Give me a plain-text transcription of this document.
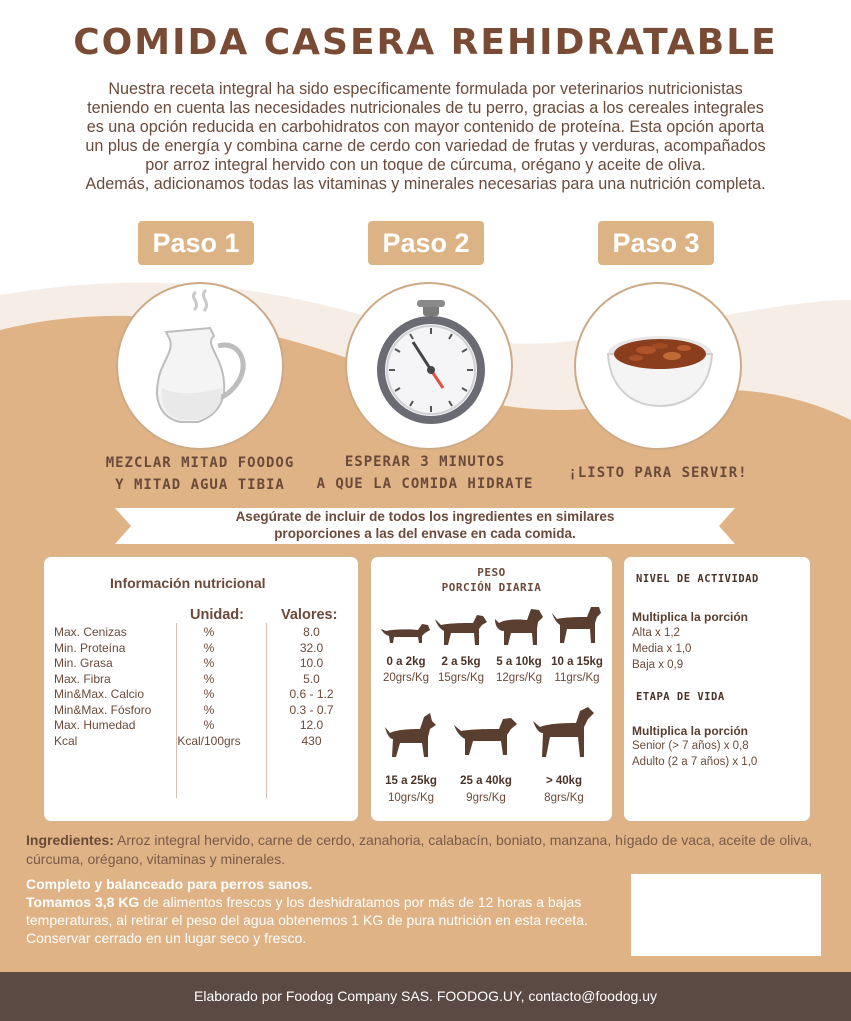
COMIDA CASERA REHIDRATABLE

Nuestra receta integral ha sido específicamente formulada por veterinarios nutricionistas

teniendo en cuenta las necesidades nutricionales de tu perro, gracias a los cereales integrales

es una opción reducida en carbohidratos con mayor contenido de proteína. Esta opción aporta

un plus de energía y combina carne de cerdo con variedad de frutas y verduras, acompañados

por arroz integral hervido con un toque de cúrcuma, orégano y aceite de oliva.

Además, adicionamos todas las vitaminas y minerales necesarias para una nutrición completa.

Paso 1	Paso 2	Paso 3
MEZCLAR MITAD FOODOG
Y MITAD AGUA TIBIA
ESPERAR 3 MINUTOS
A QUE LA COMIDA HIDRATE
¡LISTO PARA SERVIR!
Asegúrate de incluir de todos los ingredientes en similares
proporciones a las del envase en cada comida.
Información nutricional
Unidad:	Valores:
Max. Cenizas	%	8.0
Min. Proteína	%	32.0
Min. Grasa	%	10.0
Max. Fibra	%	5.0
Min&Max. Calcio	%	0.6 - 1.2
Min&Max. Fósforo	%	0.3 - 0.7
Max. Humedad	%	12.0
Kcal	Kcal/100grs	430
PESO
PORCIÓN DIARIA
0 a 2kg
20grs/Kg
2 a 5kg
15grs/Kg
5 a 10kg
12grs/Kg
10 a 15kg
11grs/Kg
15 a 25kg
10grs/Kg
25 a 40kg
9grs/Kg
> 40kg
8grs/Kg
NIVEL DE ACTIVIDAD
Multiplica la porción
Alta x 1,2
Media x 1,0
Baja x 0,9
ETAPA DE VIDA
Multiplica la porción
Senior (> 7 años) x 0,8
Adulto (2 a 7 años) x 1,0
Ingredientes: Arroz integral hervido, carne de cerdo, zanahoria, calabacín, boniato, manzana, hígado de vaca, aceite de oliva, cúrcuma, orégano, vitaminas y minerales.
Completo y balanceado para perros sanos.
Tomamos 3,8 KG de alimentos frescos y los deshidratamos por más de 12 horas a bajas temperaturas, al retirar el peso del agua obtenemos 1 KG de pura nutrición en esta receta. Conservar cerrado en un lugar seco y fresco.
Elaborado por Foodog Company SAS. FOODOG.UY, contacto@foodog.uy
